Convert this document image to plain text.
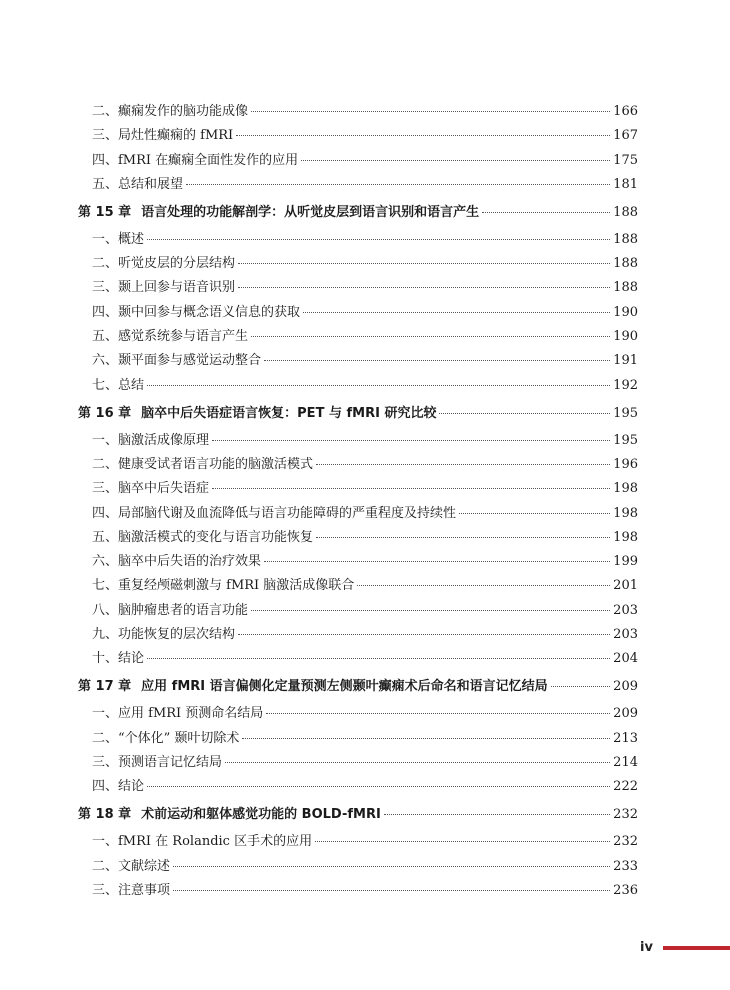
二、癫痫发作的脑功能成像	166
三、局灶性癫痫的 fMRI	167
四、fMRI 在癫痫全面性发作的应用	175
五、总结和展望	181
第 15 章 语言处理的功能解剖学：从听觉皮层到语言识别和语言产生	188
一、概述	188
二、听觉皮层的分层结构	188
三、颞上回参与语音识别	188
四、颞中回参与概念语义信息的获取	190
五、感觉系统参与语言产生	190
六、颞平面参与感觉运动整合	191
七、总结	192
第 16 章 脑卒中后失语症语言恢复：PET 与 fMRI 研究比较	195
一、脑激活成像原理	195
二、健康受试者语言功能的脑激活模式	196
三、脑卒中后失语症	198
四、局部脑代谢及血流降低与语言功能障碍的严重程度及持续性	198
五、脑激活模式的变化与语言功能恢复	198
六、脑卒中后失语的治疗效果	199
七、重复经颅磁刺激与 fMRI 脑激活成像联合	201
八、脑肿瘤患者的语言功能	203
九、功能恢复的层次结构	203
十、结论	204
第 17 章 应用 fMRI 语言偏侧化定量预测左侧颞叶癫痫术后命名和语言记忆结局	209
一、应用 fMRI 预测命名结局	209
二、“个体化” 颞叶切除术	213
三、预测语言记忆结局	214
四、结论	222
第 18 章 术前运动和躯体感觉功能的 BOLD-fMRI	232
一、fMRI 在 Rolandic 区手术的应用	232
二、文献综述	233
三、注意事项	236
iv
